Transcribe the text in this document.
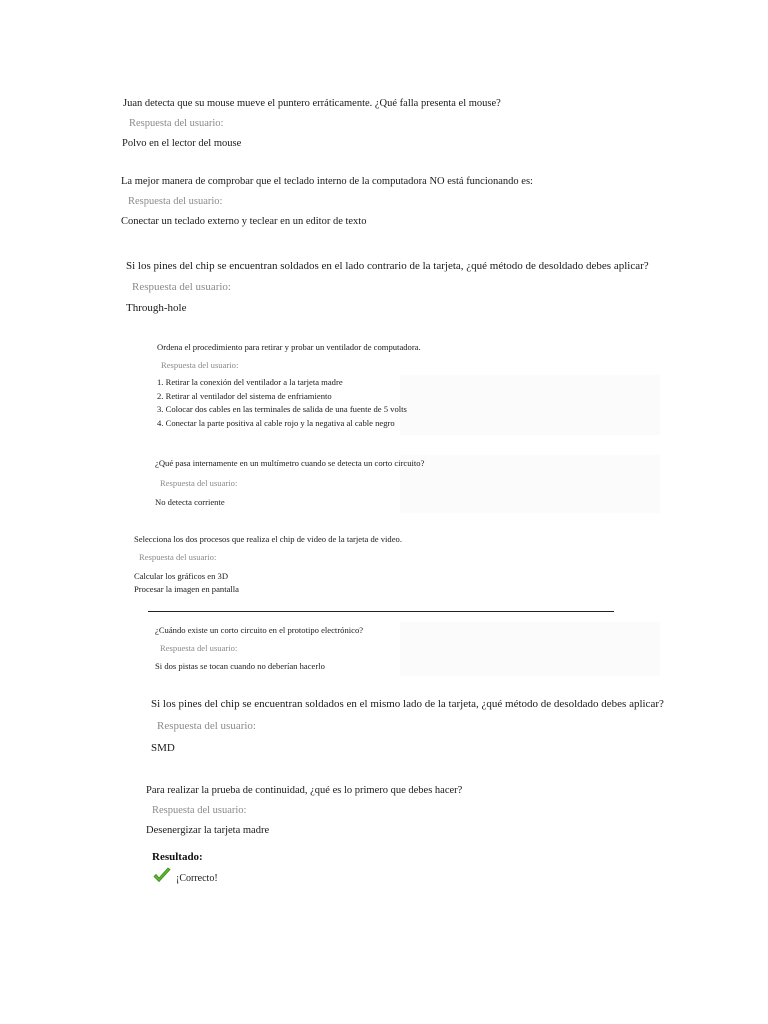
Juan detecta que su mouse mueve el puntero erráticamente. ¿Qué falla presenta el mouse?
Respuesta del usuario:
Polvo en el lector del mouse
La mejor manera de comprobar que el teclado interno de la computadora NO está funcionando es:
Respuesta del usuario:
Conectar un teclado externo y teclear en un editor de texto
Si los pines del chip se encuentran soldados en el lado contrario de la tarjeta, ¿qué método de desoldado debes aplicar?
Respuesta del usuario:
Through-hole
Ordena el procedimiento para retirar y probar un ventilador de computadora.
Respuesta del usuario:
1. Retirar la conexión del ventilador a la tarjeta madre
2. Retirar al ventilador del sistema de enfriamiento
3. Colocar dos cables en las terminales de salida de una fuente de 5 volts
4. Conectar la parte positiva al cable rojo y la negativa al cable negro
¿Qué pasa internamente en un multímetro cuando se detecta un corto circuito?
Respuesta del usuario:
No detecta corriente
Selecciona los dos procesos que realiza el chip de video de la tarjeta de video.
Respuesta del usuario:
Calcular los gráficos en 3D
Procesar la imagen en pantalla
¿Cuándo existe un corto circuito en el prototipo electrónico?
Respuesta del usuario:
Si dos pistas se tocan cuando no deberían hacerlo
Si los pines del chip se encuentran soldados en el mismo lado de la tarjeta, ¿qué método de desoldado debes aplicar?
Respuesta del usuario:
SMD
Para realizar la prueba de continuidad, ¿qué es lo primero que debes hacer?
Respuesta del usuario:
Desenergizar la tarjeta madre
Resultado:
¡Correcto!
